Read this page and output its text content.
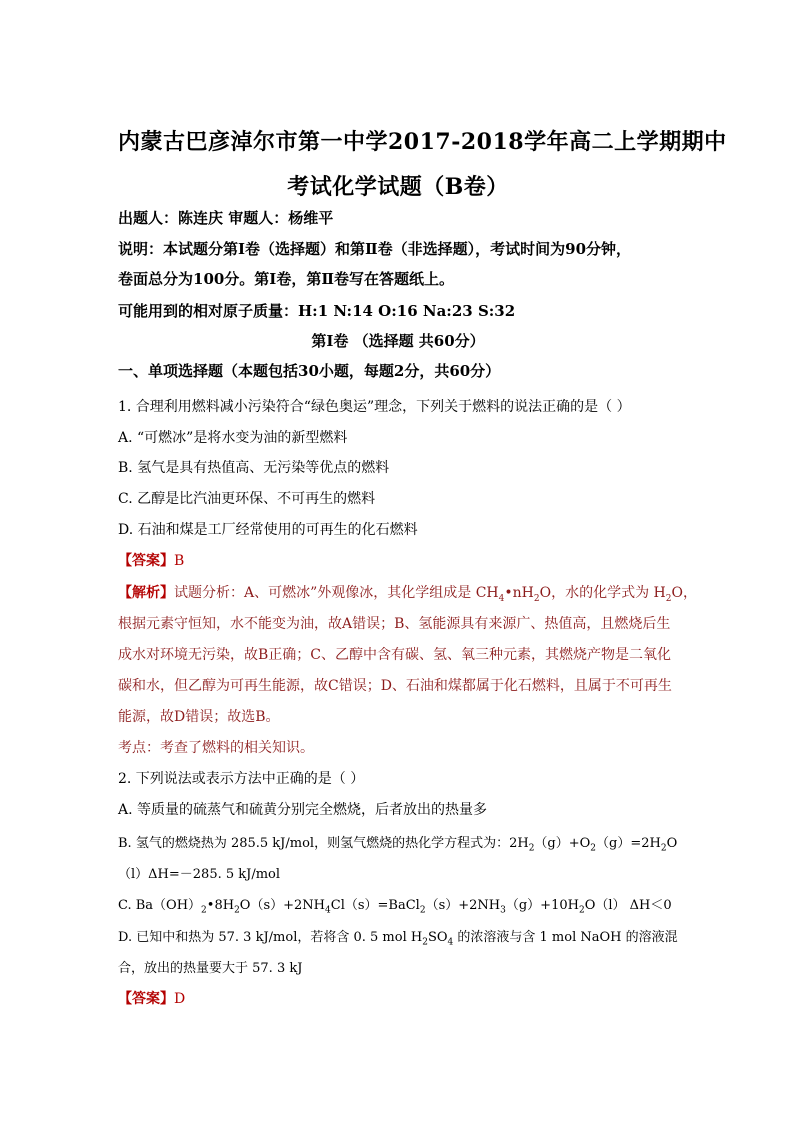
内蒙古巴彦淖尔市第一中学2017-2018学年高二上学期期中
考试化学试题（B卷）
出题人：陈连庆 审题人：杨维平
说明：本试题分第Ⅰ卷（选择题）和第Ⅱ卷（非选择题），考试时间为90分钟，
卷面总分为100分。第Ⅰ卷，第Ⅱ卷写在答题纸上。
可能用到的相对原子质量：H:1 N:14 O:16 Na:23 S:32
第Ⅰ卷 （选择题 共60分）
一、单项选择题（本题包括30小题，每题2分，共60分）
1. 合理利用燃料减小污染符合“绿色奥运”理念，下列关于燃料的说法正确的是（ ）
A. “可燃冰”是将水变为油的新型燃料
B. 氢气是具有热值高、无污染等优点的燃料
C. 乙醇是比汽油更环保、不可再生的燃料
D. 石油和煤是工厂经常使用的可再生的化石燃料
【答案】B
【解析】试题分析：A、可燃冰”外观像冰，其化学组成是 $CH_4•nH_2O$，水的化学式为 $H_2O$，
根据元素守恒知，水不能变为油，故A错误；B、氢能源具有来源广、热值高，且燃烧后生
成水对环境无污染，故B正确；C、乙醇中含有碳、氢、氧三种元素，其燃烧产物是二氧化
碳和水，但乙醇为可再生能源，故C错误；D、石油和煤都属于化石燃料，且属于不可再生
能源，故D错误；故选B。
考点：考查了燃料的相关知识。
2. 下列说法或表示方法中正确的是（ ）
A. 等质量的硫蒸气和硫黄分别完全燃烧，后者放出的热量多
B. 氢气的燃烧热为 285.5 kJ/mol，则氢气燃烧的热化学方程式为：$2H_2(g)+O_2(g)=2H_2O$
（l）ΔH=－285. 5 kJ/mol
C. $Ba(OH)_2•8H_2O(s)+2NH_4Cl(s)=BaCl_2(s)+2NH_3(g)+10H_2O(l)$ ΔH＜0
D. 已知中和热为 57. 3 kJ/mol，若将含 0. 5 mol $H_2SO_4$ 的浓溶液与含 1 mol NaOH 的溶液混
合，放出的热量要大于 57. 3 kJ
【答案】D
